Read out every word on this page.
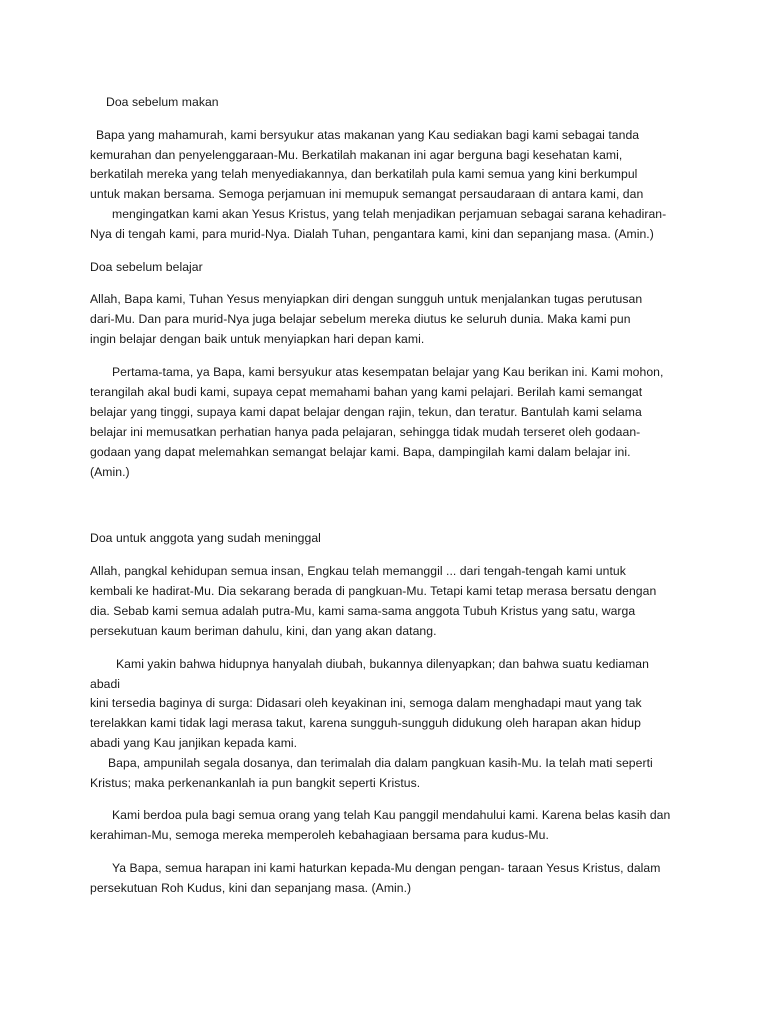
Doa sebelum makan
Bapa yang mahamurah, kami bersyukur atas makanan yang Kau sediakan bagi kami sebagai tanda
kemurahan dan penyelenggaraan-Mu. Berkatilah makanan ini agar berguna bagi kesehatan kami,
berkatilah mereka yang telah menyediakannya, dan berkatilah pula kami semua yang kini berkumpul
untuk makan bersama. Semoga perjamuan ini memupuk semangat persaudaraan di antara kami, dan
mengingatkan kami akan Yesus Kristus, yang telah menjadikan perjamuan sebagai sarana kehadiran-
Nya di tengah kami, para murid-Nya. Dialah Tuhan, pengantara kami, kini dan sepanjang masa. (Amin.)
Doa sebelum belajar
Allah, Bapa kami, Tuhan Yesus menyiapkan diri dengan sungguh untuk menjalankan tugas perutusan
dari-Mu. Dan para murid-Nya juga belajar sebelum mereka diutus ke seluruh dunia. Maka kami pun
ingin belajar dengan baik untuk menyiapkan hari depan kami.
Pertama-tama, ya Bapa, kami bersyukur atas kesempatan belajar yang Kau berikan ini. Kami mohon,
terangilah akal budi kami, supaya cepat memahami bahan yang kami pelajari. Berilah kami semangat
belajar yang tinggi, supaya kami dapat belajar dengan rajin, tekun, dan teratur. Bantulah kami selama
belajar ini memusatkan perhatian hanya pada pelajaran, sehingga tidak mudah terseret oleh godaan-
godaan yang dapat melemahkan semangat belajar kami. Bapa, dampingilah kami dalam belajar ini.
(Amin.)
Doa untuk anggota yang sudah meninggal
Allah, pangkal kehidupan semua insan, Engkau telah memanggil ... dari tengah-tengah kami untuk
kembali ke hadirat-Mu. Dia sekarang berada di pangkuan-Mu. Tetapi kami tetap merasa bersatu dengan
dia. Sebab kami semua adalah putra-Mu, kami sama-sama anggota Tubuh Kristus yang satu, warga
persekutuan kaum beriman dahulu, kini, dan yang akan datang.
Kami yakin bahwa hidupnya hanyalah diubah, bukannya dilenyapkan; dan bahwa suatu kediaman
abadi
kini tersedia baginya di surga: Didasari oleh keyakinan ini, semoga dalam menghadapi maut yang tak
terelakkan kami tidak lagi merasa takut, karena sungguh-sungguh didukung oleh harapan akan hidup
abadi yang Kau janjikan kepada kami.
Bapa, ampunilah segala dosanya, dan terimalah dia dalam pangkuan kasih-Mu. Ia telah mati seperti
Kristus; maka perkenankanlah ia pun bangkit seperti Kristus.
Kami berdoa pula bagi semua orang yang telah Kau panggil mendahului kami. Karena belas kasih dan
kerahiman-Mu, semoga mereka memperoleh kebahagiaan bersama para kudus-Mu.
Ya Bapa, semua harapan ini kami haturkan kepada-Mu dengan pengan- taraan Yesus Kristus, dalam
persekutuan Roh Kudus, kini dan sepanjang masa. (Amin.)
